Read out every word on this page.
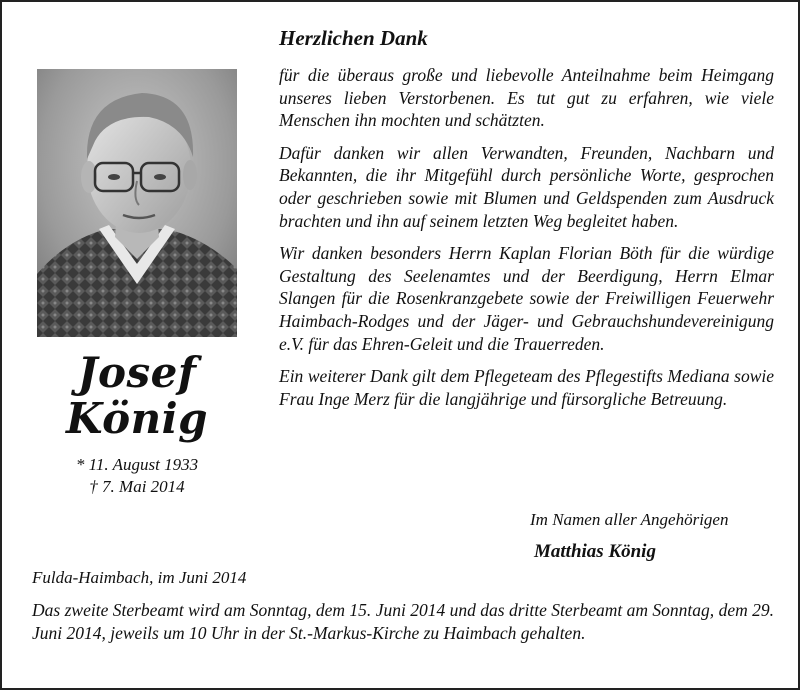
Josef
König
* 11. August 1933
† 7. Mai 2014
Herzlichen Dank

für die überaus große und liebevolle Anteilnahme beim Heimgang unseres lieben Verstorbenen. Es tut gut zu erfahren, wie viele Menschen ihn mochten und schätzten.

Dafür danken wir allen Verwandten, Freunden, Nachbarn und Bekannten, die ihr Mitgefühl durch persönliche Worte, gesprochen oder geschrieben sowie mit Blumen und Geldspenden zum Ausdruck brachten und ihn auf seinem letzten Weg begleitet haben.

Wir danken besonders Herrn Kaplan Florian Böth für die würdige Gestaltung des Seelenamtes und der Beerdigung, Herrn Elmar Slangen für die Rosenkranzgebete sowie der Freiwilligen Feuerwehr Haimbach-Rodges und der Jäger- und Gebrauchshundevereinigung e.V. für das Ehren-Geleit und die Trauerreden.

Ein weiterer Dank gilt dem Pflegeteam des Pflegestifts Mediana sowie Frau Inge Merz für die langjährige und fürsorgliche Betreuung.

Im Namen aller Angehörigen
Matthias König
Fulda-Haimbach, im Juni 2014

Das zweite Sterbeamt wird am Sonntag, dem 15. Juni 2014 und das dritte Sterbeamt am Sonntag, dem 29. Juni 2014, jeweils um 10 Uhr in der St.-Markus-Kirche zu Haimbach gehalten.
